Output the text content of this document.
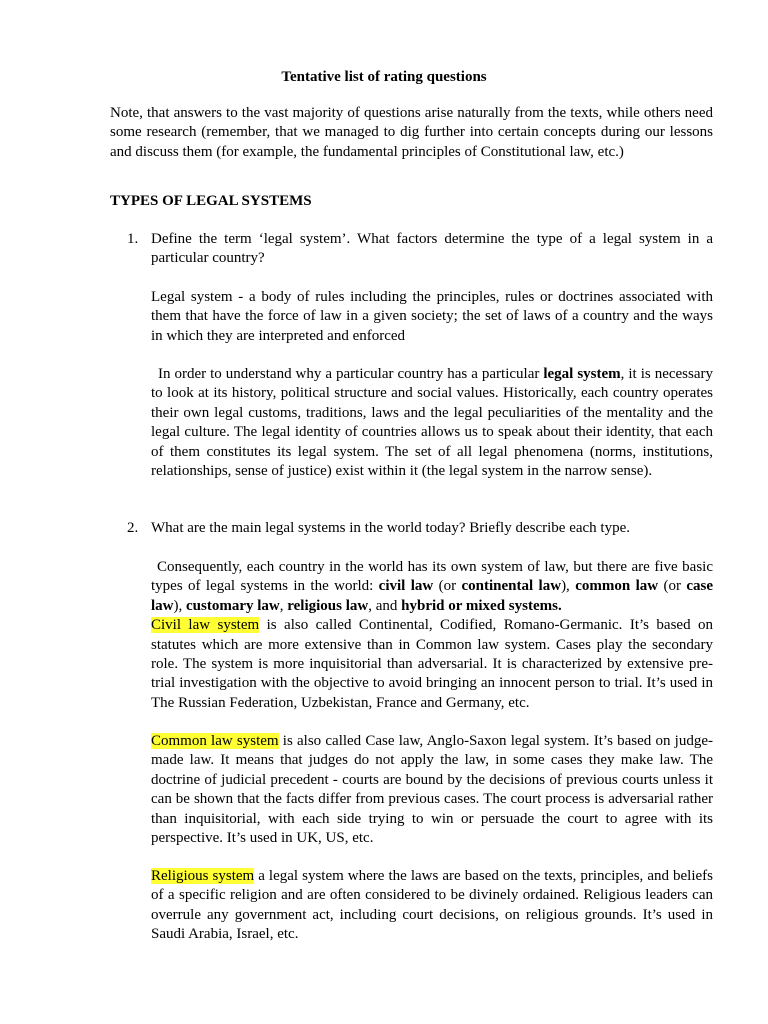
Tentative list of rating questions
Note, that answers to the vast majority of questions arise naturally from the texts, while others need some research (remember, that we managed to dig further into certain concepts during our lessons and discuss them (for example, the fundamental principles of Constitutional law, etc.)
TYPES OF LEGAL SYSTEMS
1. Define the term ‘legal system’. What factors determine the type of a legal system in a particular country?
Legal system - a body of rules including the principles, rules or doctrines associated with them that have the force of law in a given society; the set of laws of a country and the ways in which they are interpreted and enforced
In order to understand why a particular country has a particular legal system, it is necessary to look at its history, political structure and social values. Historically, each country operates their own legal customs, traditions, laws and the legal peculiarities of the mentality and the legal culture. The legal identity of countries allows us to speak about their identity, that each of them constitutes its legal system. The set of all legal phenomena (norms, institutions, relationships, sense of justice) exist within it (the legal system in the narrow sense).
2. What are the main legal systems in the world today? Briefly describe each type.
Consequently, each country in the world has its own system of law, but there are five basic types of legal systems in the world: civil law (or continental law), common law (or case law), customary law, religious law, and hybrid or mixed systems.
Civil law system is also called Continental, Codified, Romano-Germanic. It’s based on statutes which are more extensive than in Common law system. Cases play the secondary role. The system is more inquisitorial than adversarial. It is characterized by extensive pre-trial investigation with the objective to avoid bringing an innocent person to trial. It’s used in The Russian Federation, Uzbekistan, France and Germany, etc.
Common law system is also called Case law, Anglo-Saxon legal system. It’s based on judge-made law. It means that judges do not apply the law, in some cases they make law. The doctrine of judicial precedent - courts are bound by the decisions of previous courts unless it can be shown that the facts differ from previous cases. The court process is adversarial rather than inquisitorial, with each side trying to win or persuade the court to agree with its perspective. It’s used in UK, US, etc.
Religious system a legal system where the laws are based on the texts, principles, and beliefs of a specific religion and are often considered to be divinely ordained. Religious leaders can overrule any government act, including court decisions, on religious grounds. It’s used in Saudi Arabia, Israel, etc.
